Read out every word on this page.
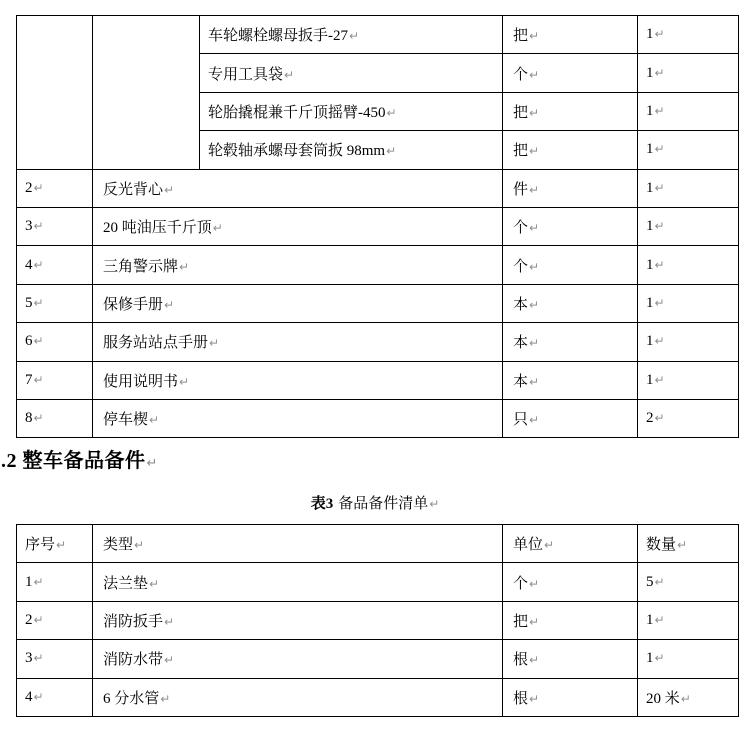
		车轮螺栓螺母扳手-27↵	把↵	1↵
		专用工具袋↵	个↵	1↵
		轮胎撬棍兼千斤顶摇臂-450↵	把↵	1↵
		轮毂轴承螺母套筒扳 98mm↵	把↵	1↵
2↵	反光背心↵		件↵	1↵
3↵	20 吨油压千斤顶↵		个↵	1↵
4↵	三角警示牌↵		个↵	1↵
5↵	保修手册↵		本↵	1↵
6↵	服务站站点手册↵		本↵	1↵
7↵	使用说明书↵		本↵	1↵
8↵	停车楔↵		只↵	2↵
.2 整车备品备件↵
表3 备品备件清单↵
序号↵	类型↵	单位↵	数量↵
1↵	法兰垫↵	个↵	5↵
2↵	消防扳手↵	把↵	1↵
3↵	消防水带↵	根↵	1↵
4↵	6 分水管↵	根↵	20 米↵
